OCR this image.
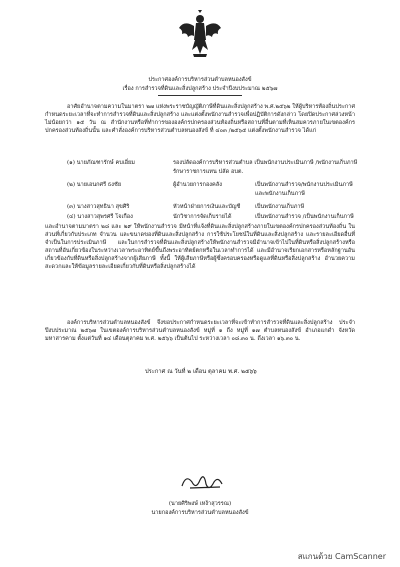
ประกาศองค์การบริหารส่วนตำบลหนองสังข์
เรื่อง การสำรวจที่ดินและสิ่งปลูกสร้าง ประจำปีงบประมาณ ๒๕๖๗
อาศัยอำนาจตามความในมาตรา ๒๗ แห่งพระราชบัญญัติภาษีที่ดินและสิ่งปลูกสร้าง พ.ศ.๒๕๖๒ ให้ผู้บริหารท้องถิ่นประกาศกำหนดระยะเวลาที่จะทำการสำรวจที่ดินและสิ่งปลูกสร้าง และแต่งตั้งพนักงานสำรวจเพื่อปฏิบัติการดังกล่าว โดยปิดประกาศล่วงหน้าไม่น้อยกว่า ๑๕ วัน ณ สำนักงานหรือที่ทำการขององค์กรปกครองส่วนท้องถิ่นหรือสถานที่อื่นตามที่เห็นสมควรภายในเขตองค์กรปกครองส่วนท้องถิ่นนั้น และคำสั่งองค์การบริหารส่วนตำบลหนองสังข์ ที่ ๔๐๓ /๒๕๖๕ แต่งตั้งพนักงานสำรวจ ได้แก่
(๑) นายภัณฑารักษ์ คบเอี่ยม	รองปลัดองค์การบริหารส่วนตำบล เป็นพนักงานประเมินภาษี /พนักงานเก็บภาษี
รักษาราชการแทน ปลัด อบต.
(๒) นายเอนกศรี ธงชัย	ผู้อำนวยการกองคลัง	เป็นพนักงานสำรวจ/พนักงานประเมินภาษี
และพนักงานเก็บภาษี
(๓) นางสาวสุทธินา สุขศิริ	หัวหน้าฝ่ายการเงินและบัญชี	เป็นพนักงานเก็บภาษี
(๔) นางสาวสุพรศรี โจเกือง	นักวิชาการจัดเก็บรายได้	เป็นพนักงานสำรวจ /เป็นพนักงานเก็บภาษี
และอำนาจตามมาตรา ๒๘ และ ๒๙ ให้พนักงานสำรวจ มีหน้าที่แจ้งที่ดินและสิ่งปลูกสร้างภายในเขตองค์กรปกครองส่วนท้องถิ่น ในส่วนที่เกี่ยวกับประเภท จำนวน และขนาดของที่ดินและสิ่งปลูกสร้าง การใช้ประโยชน์ในที่ดินและสิ่งปลูกสร้าง และรายละเอียดอื่นที่จำเป็นในการประเมินภาษี และในการสำรวจที่ดินและสิ่งปลูกสร้างให้พนักงานสำรวจมีอำนาจเข้าไปในที่ดินหรือสิ่งปลูกสร้างหรือสถานที่อันเกี่ยวข้องในระหว่างเวลาพระอาทิตย์ขึ้นถึงพระอาทิตย์ตกหรือในเวลาทำการได้ และมีอำนาจเรียกเอกสารหรือหลักฐานอันเกี่ยวข้องกับที่ดินหรือสิ่งปลูกสร้างจากผู้เสียภาษี ทั้งนี้ ให้ผู้เสียภาษีหรือผู้ซึ่งครอบครองหรือดูแลที่ดินหรือสิ่งปลูกสร้าง อำนวยความสะดวกและให้ข้อมูลรายละเอียดเกี่ยวกับที่ดินหรือสิ่งปลูกสร้างได้
องค์การบริหารส่วนตำบลหนองสังข์ จึงขอประกาศกำหนดระยะเวลาที่จะเข้าทำการสำรวจที่ดินและสิ่งปลูกสร้าง ประจำปีงบประมาณ ๒๕๖๗ ในเขตองค์การบริหารส่วนตำบลหนองสังข์ หมู่ที่ ๑ ถึง หมู่ที่ ๑๗ ตำบลหนองสังข์ อำเภอแกดำ จังหวัดมหาสารคาม ตั้งแต่วันที่ ๑๔ เดือนตุลาคม พ.ศ. ๒๕๖๖ เป็นต้นไป ระหว่างเวลา ๐๘.๓๐ น. ถึงเวลา ๑๖.๓๐ น.
ประกาศ ณ วันที่ ๒ เดือน ตุลาคม พ.ศ. ๒๕๖๖
(นายศิริพงษ์ เหง้าสุวรรณ)
นายกองค์การบริหารส่วนตำบลหนองสังข์
สแกนด้วย CamScanner
